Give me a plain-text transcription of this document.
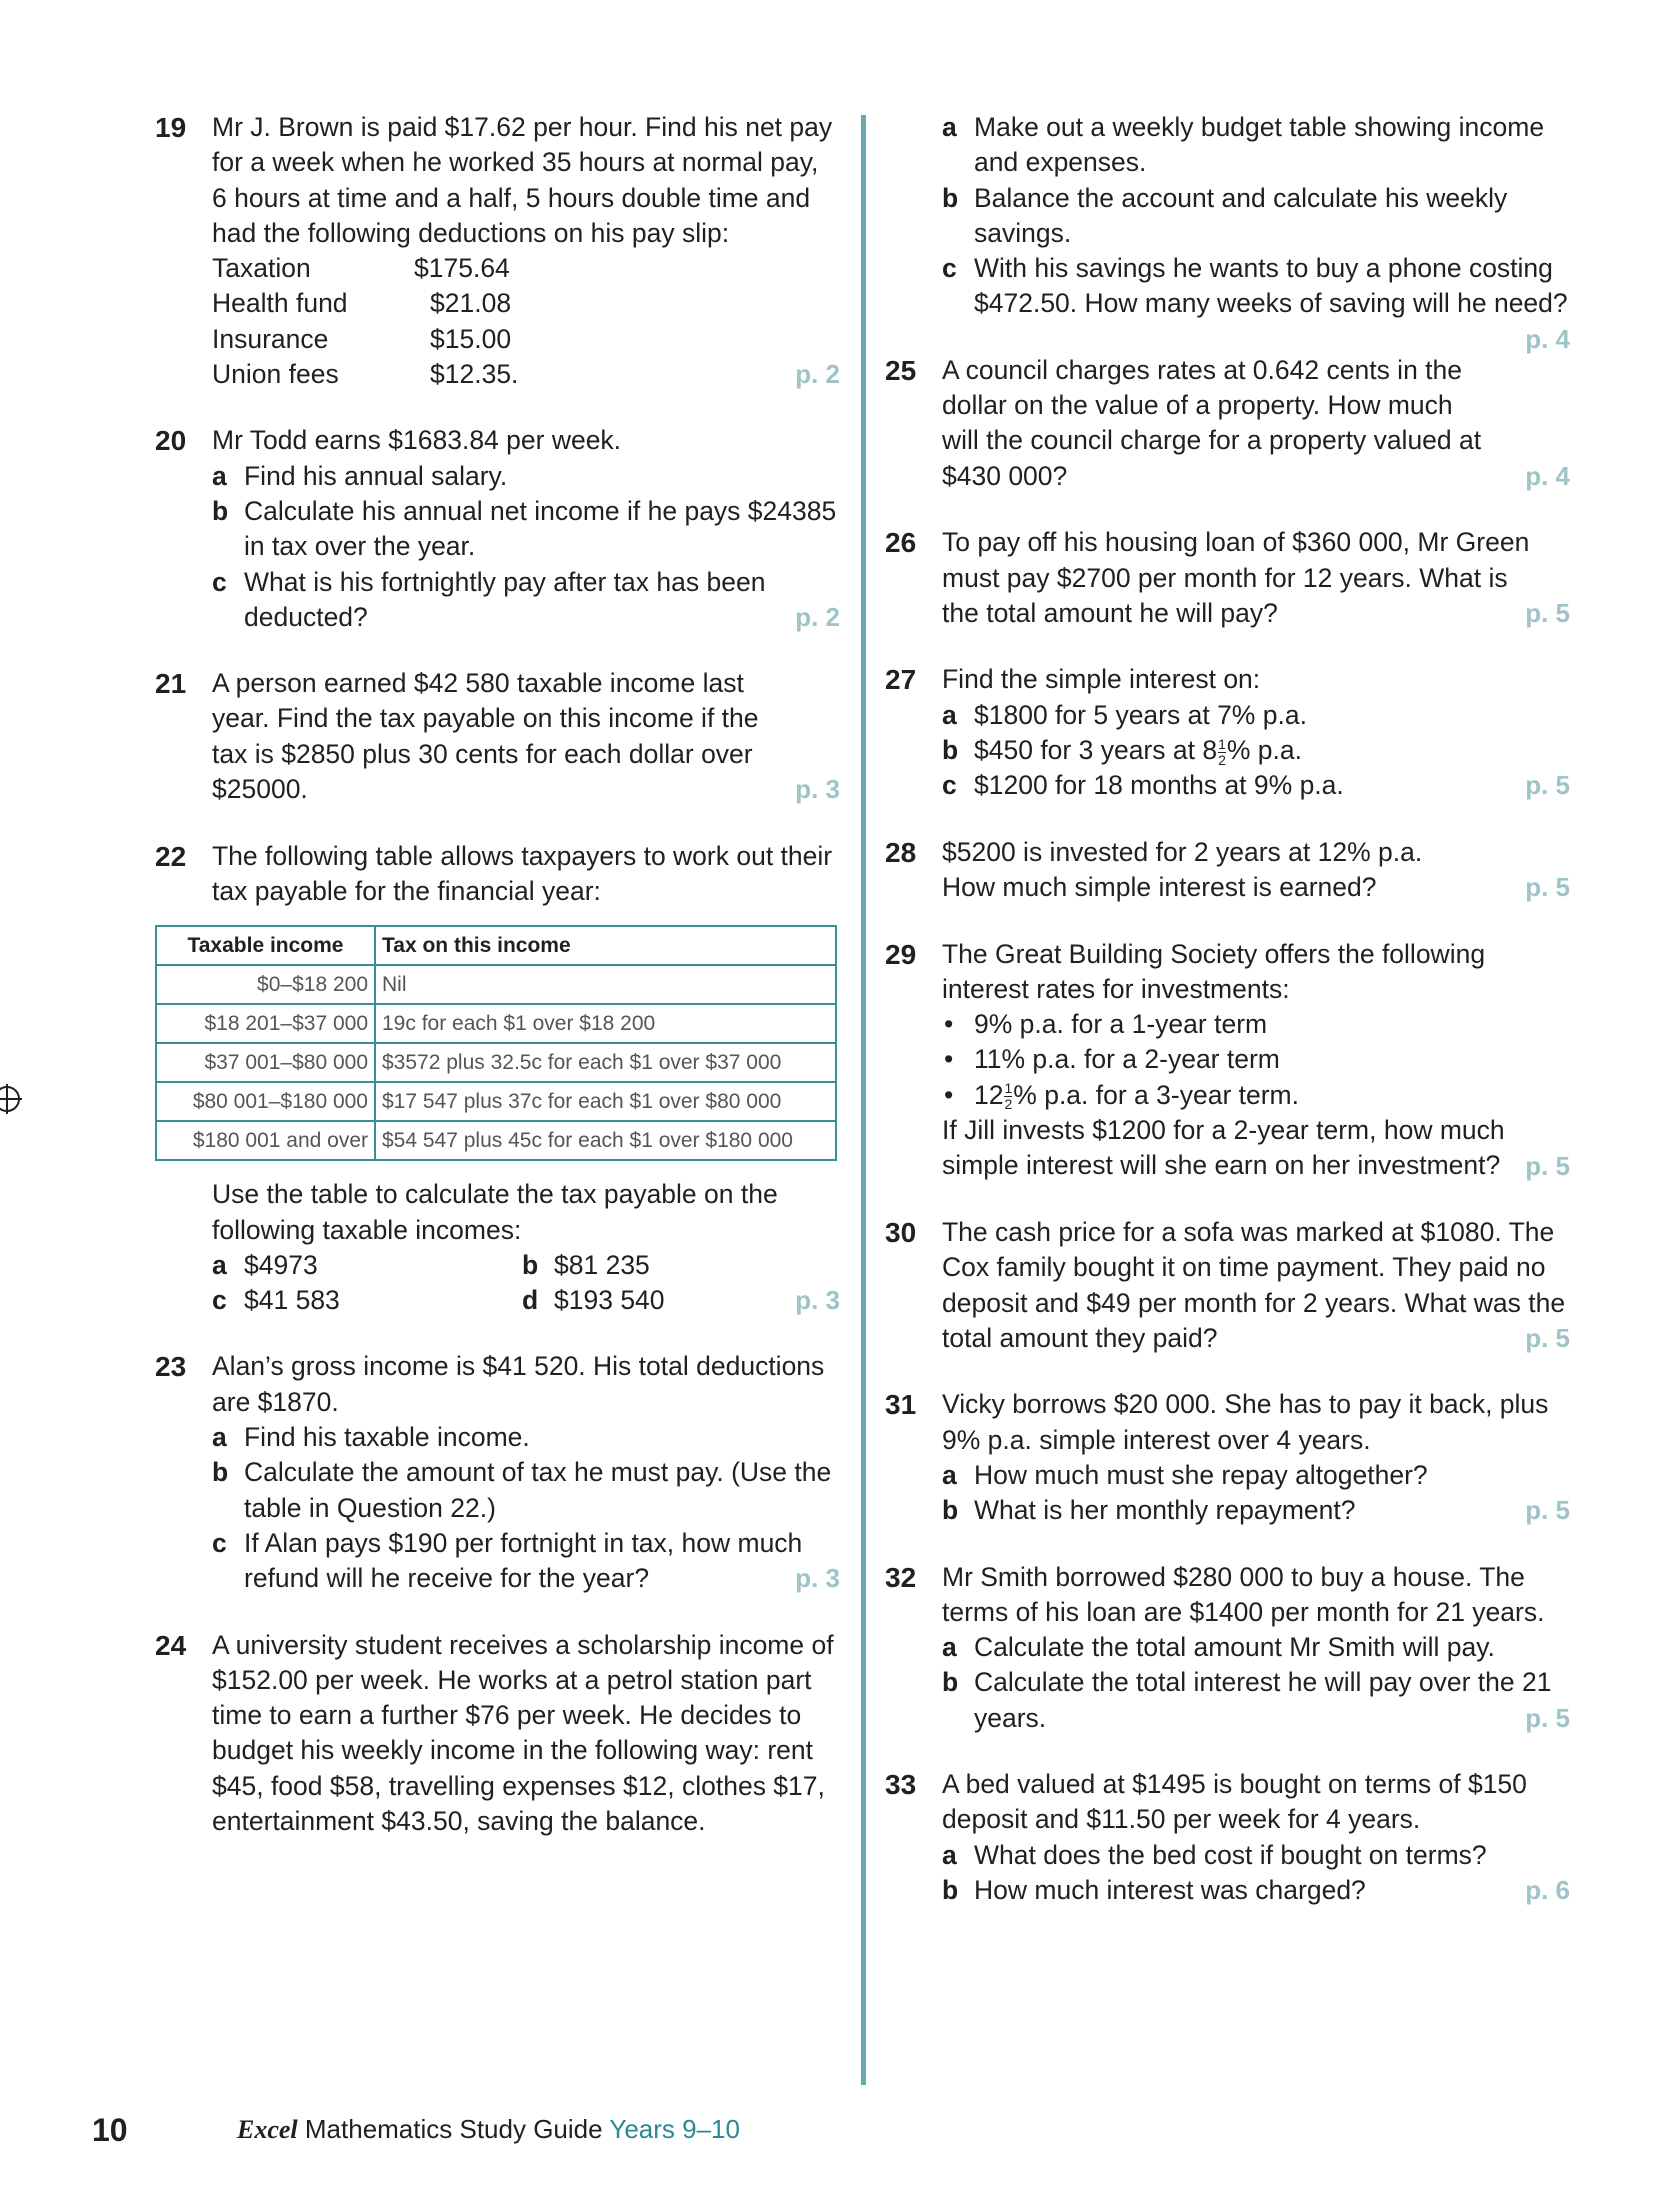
19 Mr J. Brown is paid $17.62 per hour. Find his net pay for a week when he worked 35 hours at normal pay, 6 hours at time and a half, 5 hours double time and had the following deductions on his pay slip:
Taxation	$175.64
Health fund	$21.08
Insurance	$15.00
Union fees	$12.35.	p. 2
20 Mr Todd earns $1683.84 per week.
a Find his annual salary.
b Calculate his annual net income if he pays $24385 in tax over the year.
c What is his fortnightly pay after tax has been deducted?	p. 2
21 A person earned $42 580 taxable income last year. Find the tax payable on this income if the tax is $2850 plus 30 cents for each dollar over $25000.	p. 3
22 The following table allows taxpayers to work out their tax payable for the financial year:
Taxable income	Tax on this income
$0–$18 200	Nil
$18 201–$37 000	19c for each $1 over $18 200
$37 001–$80 000	$3572 plus 32.5c for each $1 over $37 000
$80 001–$180 000	$17 547 plus 37c for each $1 over $80 000
$180 001 and over	$54 547 plus 45c for each $1 over $180 000
Use the table to calculate the tax payable on the following taxable incomes:
a $4973	b $81 235
c $41 583	d $193 540	p. 3
23 Alan’s gross income is $41 520. His total deductions are $1870.
a Find his taxable income.
b Calculate the amount of tax he must pay. (Use the table in Question 22.)
c If Alan pays $190 per fortnight in tax, how much refund will he receive for the year?	p. 3
24 A university student receives a scholarship income of $152.00 per week. He works at a petrol station part time to earn a further $76 per week. He decides to budget his weekly income in the following way: rent $45, food $58, travelling expenses $12, clothes $17, entertainment $43.50, saving the balance.
a Make out a weekly budget table showing income and expenses.
b Balance the account and calculate his weekly savings.
c With his savings he wants to buy a phone costing $472.50. How many weeks of saving will he need?
p. 4
25 A council charges rates at 0.642 cents in the dollar on the value of a property. How much will the council charge for a property valued at $430 000?	p. 4
26 To pay off his housing loan of $360 000, Mr Green must pay $2700 per month for 12 years. What is the total amount he will pay?	p. 5
27 Find the simple interest on:
a $1800 for 5 years at 7% p.a.
b $450 for 3 years at $8 \frac{1}{2}$ % p.a.
c $1200 for 18 months at 9% p.a.	p. 5
28 $5200 is invested for 2 years at 12% p.a. How much simple interest is earned?	p. 5
29 The Great Building Society offers the following interest rates for investments:
• 9% p.a. for a 1-year term
• 11% p.a. for a 2-year term
• $12 \frac{1}{2}$ % p.a. for a 3-year term.
If Jill invests $1200 for a 2-year term, how much simple interest will she earn on her investment? p. 5
30 The cash price for a sofa was marked at $1080. The Cox family bought it on time payment. They paid no deposit and $49 per month for 2 years. What was the total amount they paid?	p. 5
31 Vicky borrows $20 000. She has to pay it back, plus 9% p.a. simple interest over 4 years.
a How much must she repay altogether?
b What is her monthly repayment?	p. 5
32 Mr Smith borrowed $280 000 to buy a house. The terms of his loan are $1400 per month for 21 years.
a Calculate the total amount Mr Smith will pay.
b Calculate the total interest he will pay over the 21 years.	p. 5
33 A bed valued at $1495 is bought on terms of $150 deposit and $11.50 per week for 4 years.
a What does the bed cost if bought on terms?
b How much interest was charged?	p. 6
10	Excel Mathematics Study Guide Years 9–10
